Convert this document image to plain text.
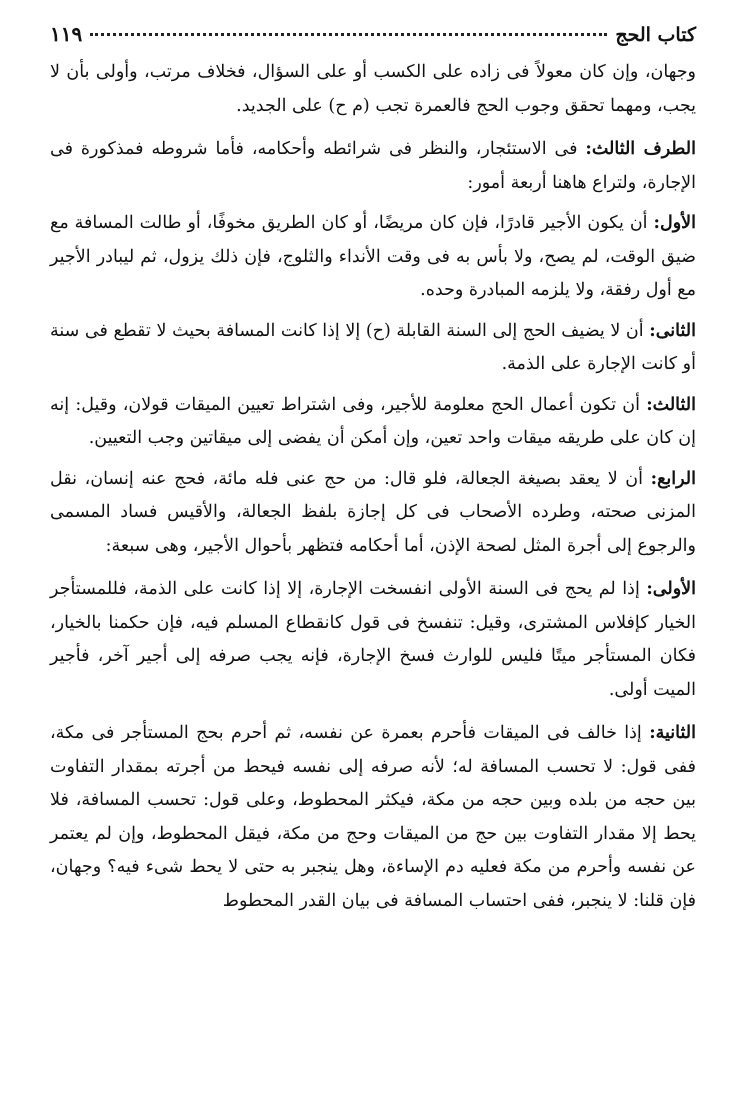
كتاب الحج
١١٩

وجهان، وإن كان معولاً فى زاده على الكسب أو على السؤال، فخلاف مرتب، وأولى بأن لا يجب، ومهما تحقق وجوب الحج فالعمرة تجب (م ح) على الجديد.

الطرف الثالث: فى الاستئجار، والنظر فى شرائطه وأحكامه، فأما شروطه فمذكورة فى الإجارة، ولتراع هاهنا أربعة أمور:

الأول: أن يكون الأجير قادرًا، فإن كان مريضًا، أو كان الطريق مخوفًا، أو طالت المسافة مع ضيق الوقت، لم يصح، ولا بأس به فى وقت الأنداء والثلوج، فإن ذلك يزول، ثم ليبادر الأجير مع أول رفقة، ولا يلزمه المبادرة وحده.

الثانى: أن لا يضيف الحج إلى السنة القابلة (ح) إلا إذا كانت المسافة بحيث لا تقطع فى سنة أو كانت الإجارة على الذمة.

الثالث: أن تكون أعمال الحج معلومة للأجير، وفى اشتراط تعيين الميقات قولان، وقيل: إنه إن كان على طريقه ميقات واحد تعين، وإن أمكن أن يفضى إلى ميقاتين وجب التعيين.

الرابع: أن لا يعقد بصيغة الجعالة، فلو قال: من حج عنى فله مائة، فحج عنه إنسان، نقل المزنى صحته، وطرده الأصحاب فى كل إجازة بلفظ الجعالة، والأقيس فساد المسمى والرجوع إلى أجرة المثل لصحة الإذن، أما أحكامه فتظهر بأحوال الأجير، وهى سبعة:

الأولى: إذا لم يحج فى السنة الأولى انفسخت الإجارة، إلا إذا كانت على الذمة، فللمستأجر الخيار كإفلاس المشترى، وقيل: تنفسخ فى قول كانقطاع المسلم فيه، فإن حكمنا بالخيار، فكان المستأجر ميتًا فليس للوارث فسخ الإجارة، فإنه يجب صرفه إلى أجير آخر، فأجير الميت أولى.

الثانية: إذا خالف فى الميقات فأحرم بعمرة عن نفسه، ثم أحرم بحج المستأجر فى مكة، ففى قول: لا تحسب المسافة له؛ لأنه صرفه إلى نفسه فيحط من أجرته بمقدار التفاوت بين حجه من بلده وبين حجه من مكة، فيكثر المحطوط، وعلى قول: تحسب المسافة، فلا يحط إلا مقدار التفاوت بين حج من الميقات وحج من مكة، فيقل المحطوط، وإن لم يعتمر عن نفسه وأحرم من مكة فعليه دم الإساءة، وهل ينجبر به حتى لا يحط شىء فيه؟ وجهان، فإن قلنا: لا ينجبر، ففى احتساب المسافة فى بيان القدر المحطوط
